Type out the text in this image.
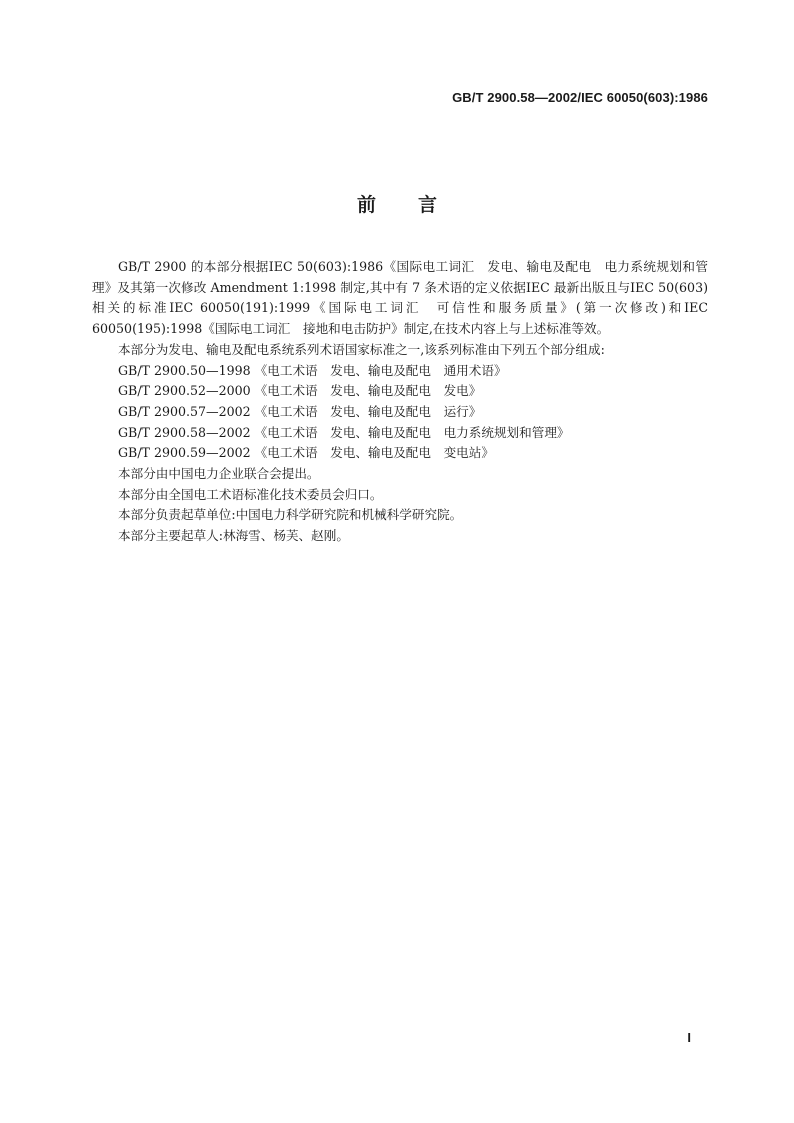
GB/T 2900.58—2002/IEC 60050(603):1986
前 言

GB/T 2900 的本部分根据IEC 50(603):1986《国际电工词汇　发电、输电及配电　电力系统规划和管理》及其第一次修改 Amendment 1:1998 制定,其中有 7 条术语的定义依据IEC 最新出版且与IEC 50(603)相关的标准IEC 60050(191):1999《国际电工词汇　可信性和服务质量》(第一次修改)和IEC 60050(195):1998《国际电工词汇　接地和电击防护》制定,在技术内容上与上述标准等效。

本部分为发电、输电及配电系统系列术语国家标准之一,该系列标准由下列五个部分组成:

GB/T 2900.50—1998 《电工术语　发电、输电及配电　通用术语》

GB/T 2900.52—2000 《电工术语　发电、输电及配电　发电》

GB/T 2900.57—2002 《电工术语　发电、输电及配电　运行》

GB/T 2900.58—2002 《电工术语　发电、输电及配电　电力系统规划和管理》

GB/T 2900.59—2002 《电工术语　发电、输电及配电　变电站》

本部分由中国电力企业联合会提出。

本部分由全国电工术语标准化技术委员会归口。

本部分负责起草单位:中国电力科学研究院和机械科学研究院。

本部分主要起草人:林海雪、杨芙、赵刚。

I
